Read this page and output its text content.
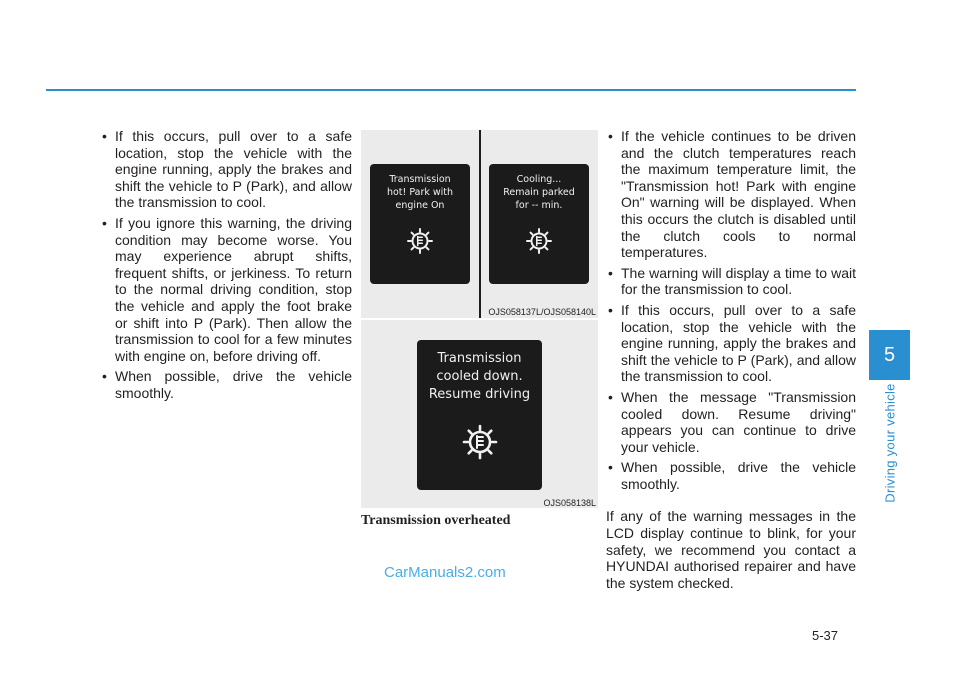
• If this occurs, pull over to a safe location, stop the vehicle with the engine running, apply the brakes and shift the vehicle to P (Park), and allow the transmission to cool.
• If you ignore this warning, the driving condition may become worse. You may experience abrupt shifts, frequent shifts, or jerkiness. To return to the normal driving condition, stop the vehicle and apply the foot brake or shift into P (Park). Then allow the transmission to cool for a few minutes with engine on, before driving off.
• When possible, drive the vehicle smoothly.
Transmission
hot! Park with
engine On
Cooling...
Remain parked
for -- min.
OJS058137L/OJS058140L
Transmission
cooled down.
Resume driving
OJS058138L
Transmission overheated
• If the vehicle continues to be driven and the clutch temperatures reach the maximum temperature limit, the "Transmission hot! Park with engine On" warning will be displayed. When this occurs the clutch is disabled until the clutch cools to normal temperatures.
• The warning will display a time to wait for the transmission to cool.
• If this occurs, pull over to a safe location, stop the vehicle with the engine running, apply the brakes and shift the vehicle to P (Park), and allow the transmission to cool.
• When the message "Transmission cooled down. Resume driving" appears you can continue to drive your vehicle.
• When possible, drive the vehicle smoothly.

If any of the warning messages in the LCD display continue to blink, for your safety, we recommend you contact a HYUNDAI authorised repairer and have the system checked.

CarManuals2.com
5
Driving your vehicle
5-37
